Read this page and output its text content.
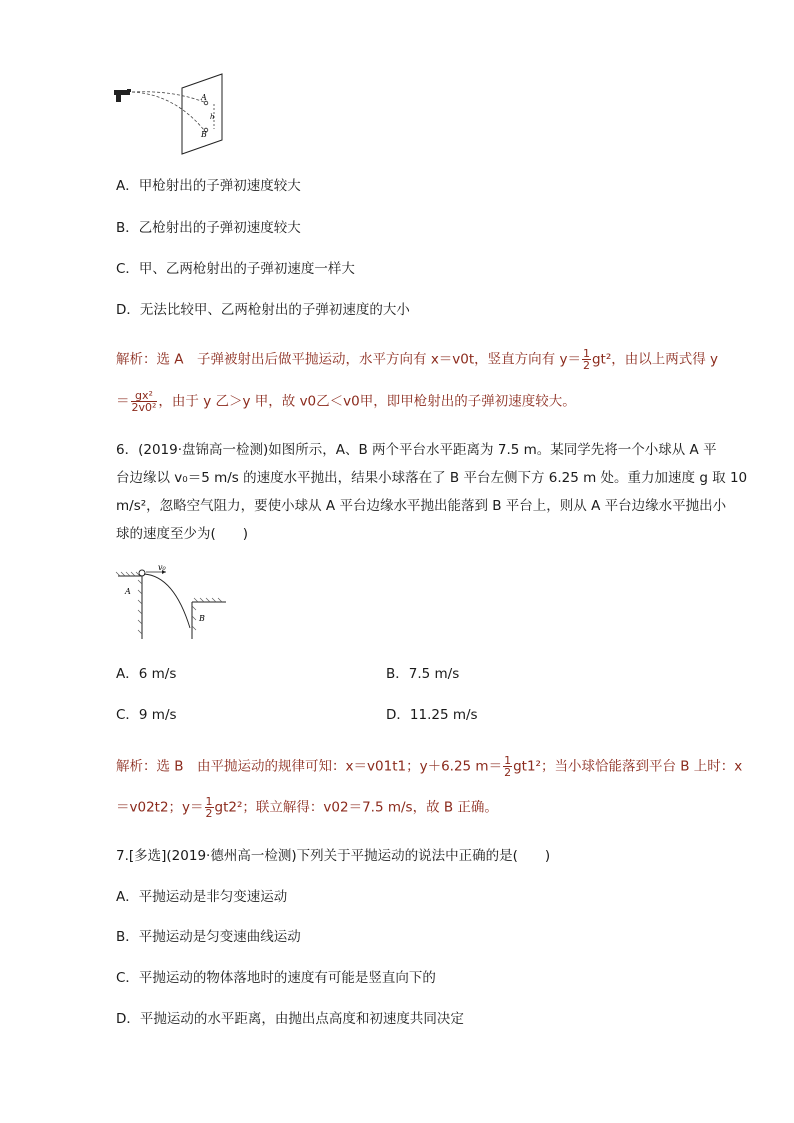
A
B
h
A．甲枪射出的子弹初速度较大
B．乙枪射出的子弹初速度较大
C．甲、乙两枪射出的子弹初速度一样大
D．无法比较甲、乙两枪射出的子弹初速度的大小
解析：选 A　子弹被射出后做平抛运动，水平方向有 x＝v0t，竖直方向有 $y= \frac{1}{2} gt^2$，由以上两式得 y
＝ $\frac{\text{gx²}}{\text{2v0²}}$ ，由于 y 乙＞y 甲，故 v0乙＜v0甲，即甲枪射出的子弹初速度较大。
6．(2019·盘锦高一检测)如图所示，A、B 两个平台水平距离为 7.5 m。某同学先将一个小球从 A 平
台边缘以 v₀＝5 m/s 的速度水平抛出，结果小球落在了 B 平台左侧下方 6.25 m 处。重力加速度 g 取 10
m/s²，忽略空气阻力，要使小球从 A 平台边缘水平抛出能落到 B 平台上，则从 A 平台边缘水平抛出小
球的速度至少为(　　)
v₀
A
B
A．6 m/s	B．7.5 m/s
C．9 m/s	D．11.25 m/s
解析：选 B　由平抛运动的规律可知：x＝v01t1；y＋6.25 $m= \frac{1}{2} gt1^2$；当小球恰能落到平台 B 上时：x
＝v02t2；$y= \frac{1}{2} gt2^2$；联立解得：v02＝7.5 m/s，故 B 正确。
7.[多选](2019·德州高一检测)下列关于平抛运动的说法中正确的是(　　)
A．平抛运动是非匀变速运动
B．平抛运动是匀变速曲线运动
C．平抛运动的物体落地时的速度有可能是竖直向下的
D．平抛运动的水平距离，由抛出点高度和初速度共同决定
